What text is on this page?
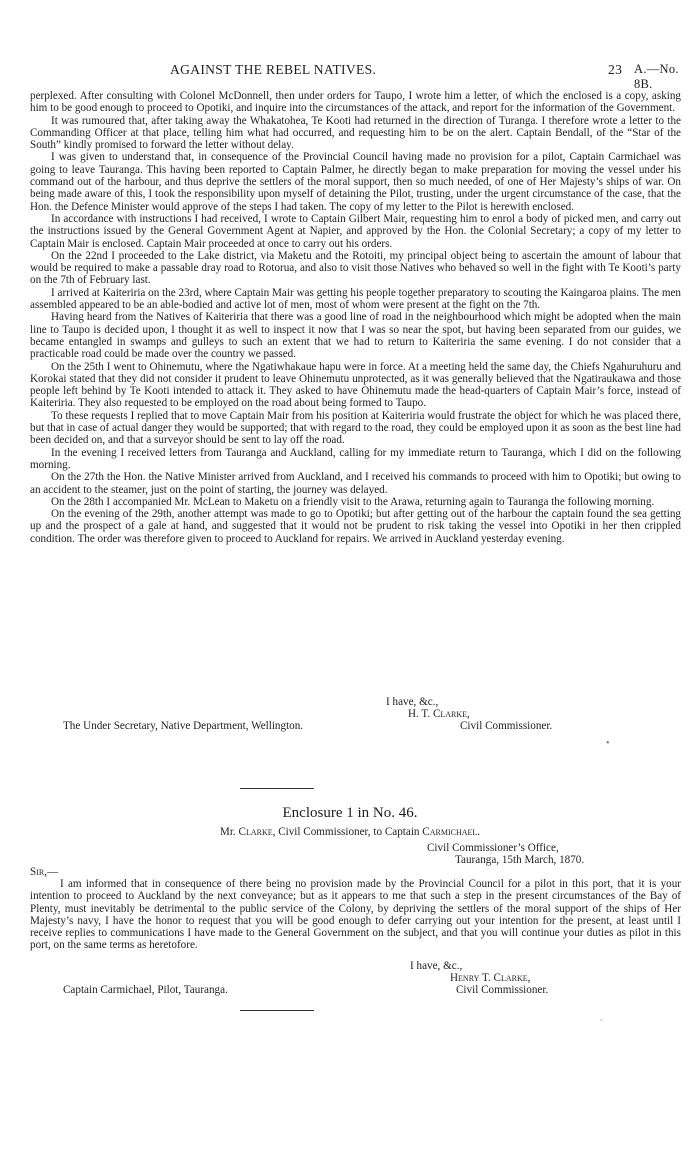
AGAINST THE REBEL NATIVES.	23 A.—No. 8B.

perplexed. After consulting with Colonel McDonnell, then under orders for Taupo, I wrote him a letter, of which the enclosed is a copy, asking him to be good enough to proceed to Opotiki, and inquire into the circumstances of the attack, and report for the information of the Government.

It was rumoured that, after taking away the Whakatohea, Te Kooti had returned in the direction of Turanga. I therefore wrote a letter to the Commanding Officer at that place, telling him what had occurred, and requesting him to be on the alert. Captain Bendall, of the “Star of the South” kindly promised to forward the letter without delay.

I was given to understand that, in consequence of the Provincial Council having made no provision for a pilot, Captain Carmichael was going to leave Tauranga. This having been reported to Captain Palmer, he directly began to make preparation for moving the vessel under his command out of the harbour, and thus deprive the settlers of the moral support, then so much needed, of one of Her Majesty’s ships of war. On being made aware of this, I took the responsibility upon myself of detaining the Pilot, trusting, under the urgent circumstance of the case, that the Hon. the Defence Minister would approve of the steps I had taken. The copy of my letter to the Pilot is herewith enclosed.

In accordance with instructions I had received, I wrote to Captain Gilbert Mair, requesting him to enrol a body of picked men, and carry out the instructions issued by the General Government Agent at Napier, and approved by the Hon. the Colonial Secretary; a copy of my letter to Captain Mair is enclosed. Captain Mair proceeded at once to carry out his orders.

On the 22nd I proceeded to the Lake district, via Maketu and the Rotoiti, my principal object being to ascertain the amount of labour that would be required to make a passable dray road to Rotorua, and also to visit those Natives who behaved so well in the fight with Te Kooti’s party on the 7th of February last.

I arrived at Kaiteriria on the 23rd, where Captain Mair was getting his people together preparatory to scouting the Kaingaroa plains. The men assembled appeared to be an able-bodied and active lot of men, most of whom were present at the fight on the 7th.

Having heard from the Natives of Kaiteriria that there was a good line of road in the neighbourhood which might be adopted when the main line to Taupo is decided upon, I thought it as well to inspect it now that I was so near the spot, but having been separated from our guides, we became entangled in swamps and gulleys to such an extent that we had to return to Kaiteriria the same evening. I do not consider that a practicable road could be made over the country we passed.

On the 25th I went to Ohinemutu, where the Ngatiwhakaue hapu were in force. At a meeting held the same day, the Chiefs Ngahuruhuru and Korokai stated that they did not consider it prudent to leave Ohinemutu unprotected, as it was generally believed that the Ngatiraukawa and those people left behind by Te Kooti intended to attack it. They asked to have Ohinemutu made the head-quarters of Captain Mair’s force, instead of Kaiteriria. They also requested to be employed on the road about being formed to Taupo.

To these requests I replied that to move Captain Mair from his position at Kaiteriria would frustrate the object for which he was placed there, but that in case of actual danger they would be supported; that with regard to the road, they could be employed upon it as soon as the best line had been decided on, and that a surveyor should be sent to lay off the road.

In the evening I received letters from Tauranga and Auckland, calling for my immediate return to Tauranga, which I did on the following morning.

On the 27th the Hon. the Native Minister arrived from Auckland, and I received his commands to proceed with him to Opotiki; but owing to an accident to the steamer, just on the point of starting, the journey was delayed.

On the 28th I accompanied Mr. McLean to Maketu on a friendly visit to the Arawa, returning again to Tauranga the following morning.

On the evening of the 29th, another attempt was made to go to Opotiki; but after getting out of the harbour the captain found the sea getting up and the prospect of a gale at hand, and suggested that it would not be prudent to risk taking the vessel into Opotiki in her then crippled condition. The order was therefore given to proceed to Auckland for repairs. We arrived in Auckland yesterday evening.

I have, &c.,
H. T. Clarke,
Civil Commissioner.
The Under Secretary, Native Department, Wellington.
Enclosure 1 in No. 46.
Mr. Clarke, Civil Commissioner, to Captain Carmichael.
Civil Commissioner’s Office,
Tauranga, 15th March, 1870.
Sir,—

I am informed that in consequence of there being no provision made by the Provincial Council for a pilot in this port, that it is your intention to proceed to Auckland by the next conveyance; but as it appears to me that such a step in the present circumstances of the Bay of Plenty, must inevitably be detrimental to the public service of the Colony, by depriving the settlers of the moral support of the ships of Her Majesty’s navy, I have the honor to request that you will be good enough to defer carrying out your intention for the present, at least until I receive replies to communications I have made to the General Government on the subject, and that you will continue your duties as pilot in this port, on the same terms as heretofore.

I have, &c.,
Henry T. Clarke,
Civil Commissioner.
Captain Carmichael, Pilot, Tauranga.
•
˜
